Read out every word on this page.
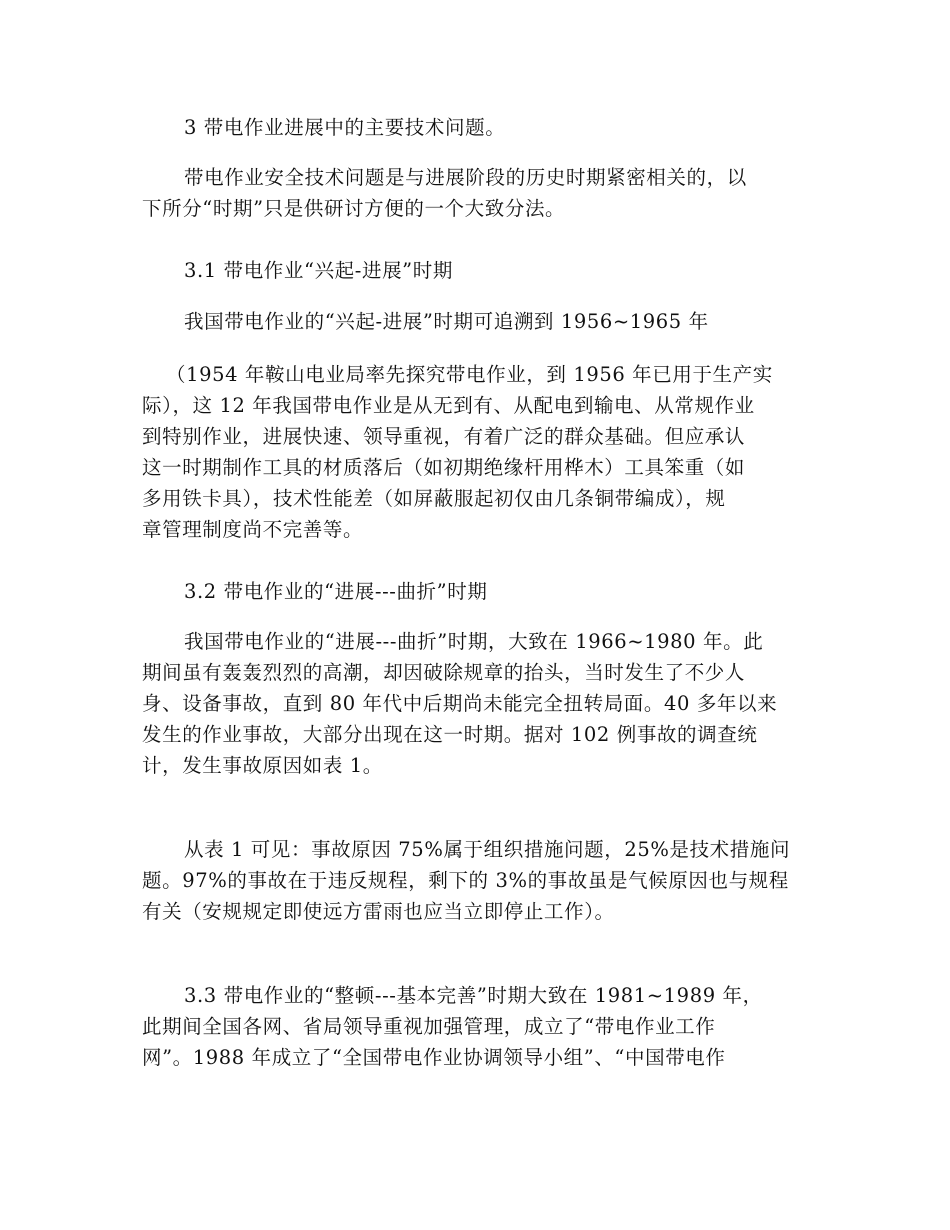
3 带电作业进展中的主要技术问题。

带电作业安全技术问题是与进展阶段的历史时期紧密相关的，以
下所分“时期”只是供研讨方便的一个大致分法。

3.1 带电作业“兴起-进展”时期

我国带电作业的“兴起-进展”时期可追溯到 1956~1965 年

（1954 年鞍山电业局率先探究带电作业，到 1956 年已用于生产实
际），这 12 年我国带电作业是从无到有、从配电到输电、从常规作业
到特别作业，进展快速、领导重视，有着广泛的群众基础。但应承认
这一时期制作工具的材质落后（如初期绝缘杆用桦木）工具笨重（如
多用铁卡具），技术性能差（如屏蔽服起初仅由几条铜带编成），规
章管理制度尚不完善等。

3.2 带电作业的“进展---曲折”时期

我国带电作业的“进展---曲折”时期，大致在 1966~1980 年。此
期间虽有轰轰烈烈的高潮，却因破除规章的抬头，当时发生了不少人
身、设备事故，直到 80 年代中后期尚未能完全扭转局面。40 多年以来
发生的作业事故，大部分出现在这一时期。据对 102 例事故的调查统
计，发生事故原因如表 1。

从表 1 可见：事故原因 75%属于组织措施问题，25%是技术措施问
题。97%的事故在于违反规程，剩下的 3%的事故虽是气候原因也与规程
有关（安规规定即使远方雷雨也应当立即停止工作）。

3.3 带电作业的“整顿---基本完善”时期大致在 1981~1989 年，
此期间全国各网、省局领导重视加强管理，成立了“带电作业工作
网”。1988 年成立了“全国带电作业协调领导小组”、“中国带电作
